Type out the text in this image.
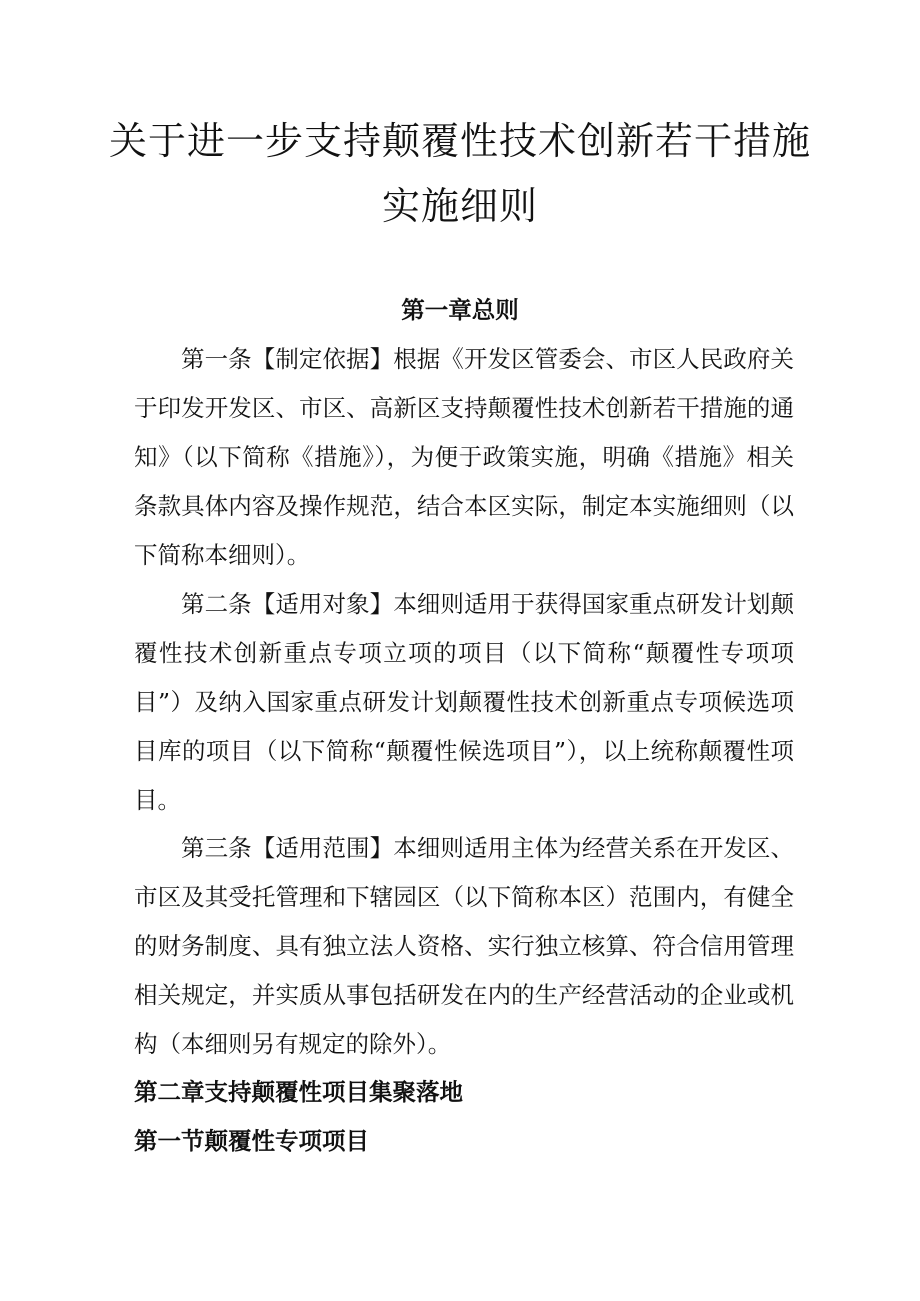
关于进一步支持颠覆性技术创新若干措施
实施细则
第一章总则

第一条【制定依据】根据《开发区管委会、市区人民政府关于印发开发区、市区、高新区支持颠覆性技术创新若干措施的通知》（以下简称《措施》），为便于政策实施，明确《措施》相关条款具体内容及操作规范，结合本区实际，制定本实施细则（以下简称本细则）。

第二条【适用对象】本细则适用于获得国家重点研发计划颠覆性技术创新重点专项立项的项目（以下简称“颠覆性专项项目”）及纳入国家重点研发计划颠覆性技术创新重点专项候选项目库的项目（以下简称“颠覆性候选项目”），以上统称颠覆性项目。

第三条【适用范围】本细则适用主体为经营关系在开发区、市区及其受托管理和下辖园区（以下简称本区）范围内，有健全的财务制度、具有独立法人资格、实行独立核算、符合信用管理相关规定，并实质从事包括研发在内的生产经营活动的企业或机构（本细则另有规定的除外）。

第二章支持颠覆性项目集聚落地
第一节颠覆性专项项目
